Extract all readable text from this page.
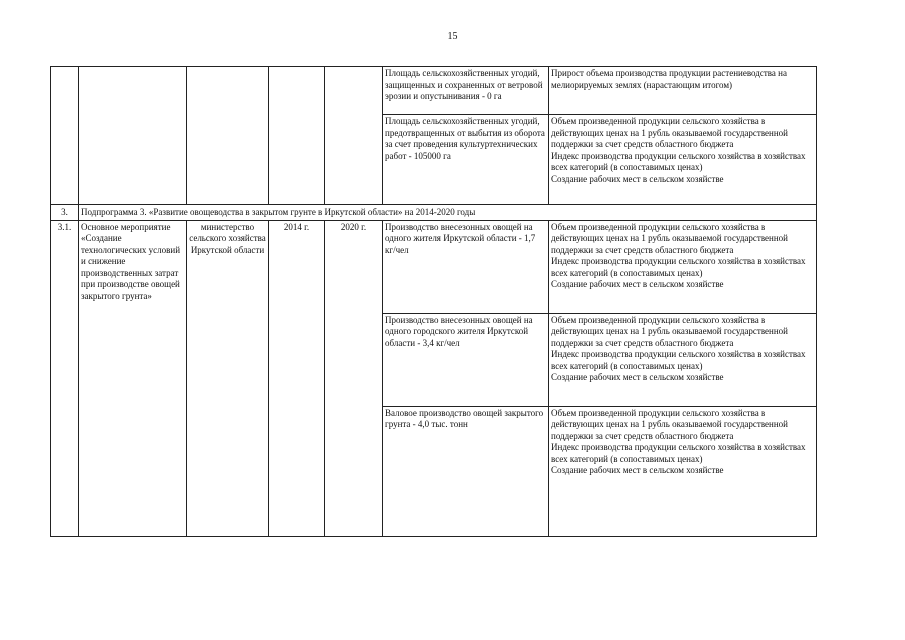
15
					Площадь сельскохозяйственных угодий, защищенных и сохраненных от ветровой эрозии и опустынивания - 0 га	Прирост объема производства продукции растениеводства на мелиорируемых землях (нарастающим итогом)

					Площадь сельскохозяйственных угодий, предотвращенных от выбытия из оборота за счет проведения культуртехнических работ - 105000 га	Объем произведенной продукции сельского хозяйства в действующих ценах на 1 рубль оказываемой государственной поддержки за счет средств областного бюджета
Индекс производства продукции сельского хозяйства в хозяйствах всех категорий (в сопоставимых ценах)
Создание рабочих мест в сельском хозяйстве

3.	Подпрограмма 3. «Развитие овощеводства в закрытом грунте в Иркутской области» на 2014-2020 годы					
3.1.	Основное мероприятие «Создание технологических условий и снижение производственных затрат при производстве овощей закрытого грунта»	министерство сельского хозяйства Иркутской области	2014 г.	2020 г.	Производство внесезонных овощей на одного жителя Иркутской области - 1,7 кг/чел	Объем произведенной продукции сельского хозяйства в действующих ценах на 1 рубль оказываемой государственной поддержки за счет средств областного бюджета
Индекс производства продукции сельского хозяйства в хозяйствах всех категорий (в сопоставимых ценах)
Создание рабочих мест в сельском хозяйстве

					Производство внесезонных овощей на одного городского жителя Иркутской области - 3,4 кг/чел	Объем произведенной продукции сельского хозяйства в действующих ценах на 1 рубль оказываемой государственной поддержки за счет средств областного бюджета
Индекс производства продукции сельского хозяйства в хозяйствах всех категорий (в сопоставимых ценах)
Создание рабочих мест в сельском хозяйстве

					Валовое производство овощей закрытого грунта - 4,0 тыс. тонн	Объем произведенной продукции сельского хозяйства в действующих ценах на 1 рубль оказываемой государственной поддержки за счет средств областного бюджета
Индекс производства продукции сельского хозяйства в хозяйствах всех категорий (в сопоставимых ценах)
Создание рабочих мест в сельском хозяйстве
